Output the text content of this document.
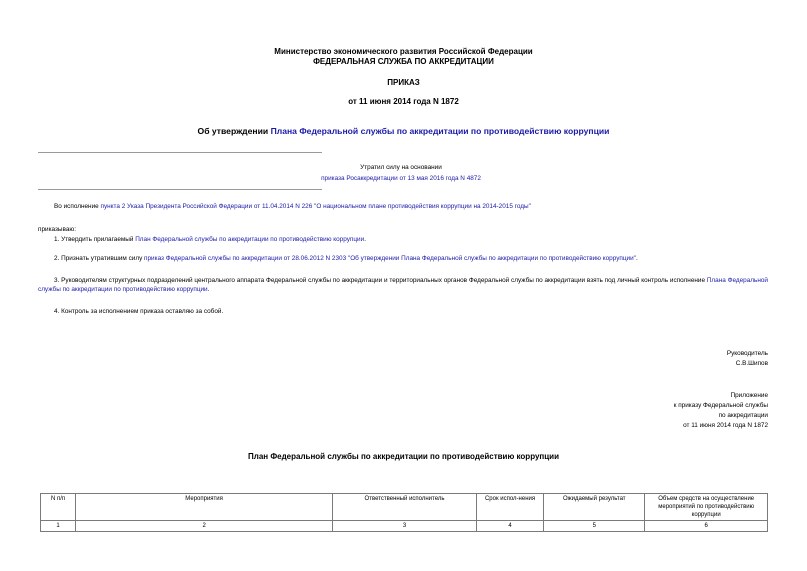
Министерство экономического развития Российской Федерации
ФЕДЕРАЛЬНАЯ СЛУЖБА ПО АККРЕДИТАЦИИ
ПРИКАЗ
от 11 июня 2014 года N 1872
Об утверждении Плана Федеральной службы по аккредитации по противодействию коррупции
Утратил силу на основании
приказа Росаккредитации от 13 мая 2016 года N 4872
Во исполнение пункта 2 Указа Президента Российской Федерации от 11.04.2014 N 226 "О национальном плане противодействия коррупции на 2014-2015 годы"
приказываю:
1. Утвердить прилагаемый План Федеральной службы по аккредитации по противодействию коррупции.
2. Признать утратившим силу приказ Федеральной службы по аккредитации от 28.06.2012 N 2303 "Об утверждении Плана Федеральной службы по аккредитации по противодействию коррупции".
3. Руководителям структурных подразделений центрального аппарата Федеральной службы по аккредитации и территориальных органов Федеральной службы по аккредитации взять под личный контроль исполнение Плана Федеральной службы по аккредитации по противодействию коррупции.
4. Контроль за исполнением приказа оставляю за собой.
Руководитель
С.В.Шипов
Приложение
к приказу Федеральной службы
по аккредитации
от 11 июня 2014 года N 1872
План Федеральной службы по аккредитации по противодействию коррупции
N п/п	Мероприятия	Ответственный исполнитель	Срок испол-нения	Ожидаемый результат	Объем средств на осуществление мероприятий по противодействию коррупции
1	2	3	4	5	6
